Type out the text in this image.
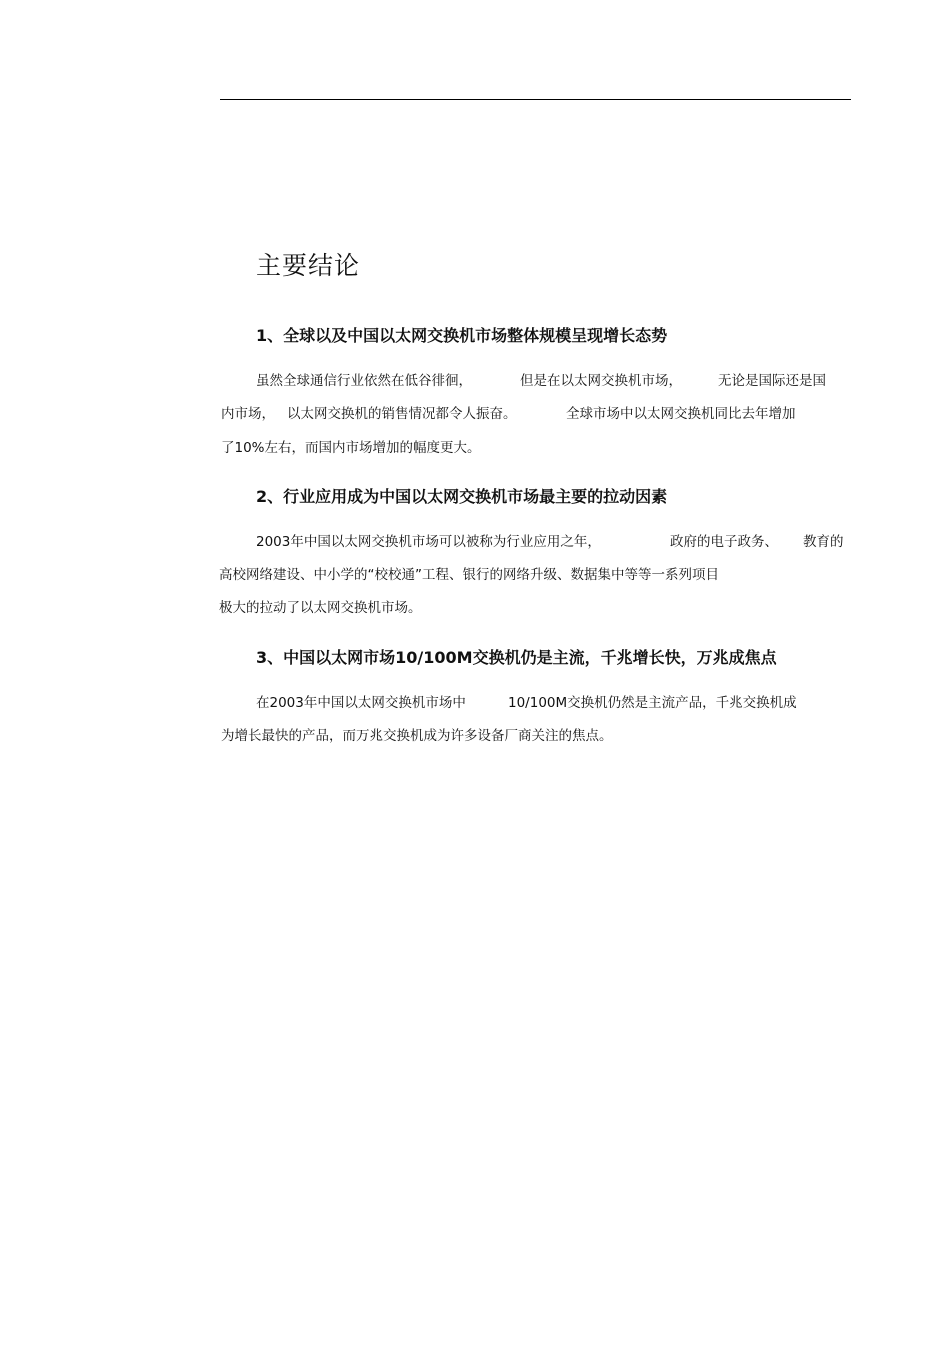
主要结论
1、全球以及中国以太网交换机市场整体规模呈现增长态势

虽然全球通信行业依然在低谷徘徊，	但是在以太网交换机市场，	无论是国际还是国

内市场， 以太网交换机的销售情况都令人振奋。	全球市场中以太网交换机同比去年增加

了10%左右，而国内市场增加的幅度更大。

2、行业应用成为中国以太网交换机市场最主要的拉动因素

2003年中国以太网交换机市场可以被称为行业应用之年，	政府的电子政务、 教育的

高校网络建设、中小学的“校校通”工程、银行的网络升级、数据集中等等一系列项目

极大的拉动了以太网交换机市场。

3、中国以太网市场10/100M交换机仍是主流，千兆增长快，万兆成焦点

在2003年中国以太网交换机市场中	10/100M交换机仍然是主流产品，千兆交换机成

为增长最快的产品，而万兆交换机成为许多设备厂商关注的焦点。
